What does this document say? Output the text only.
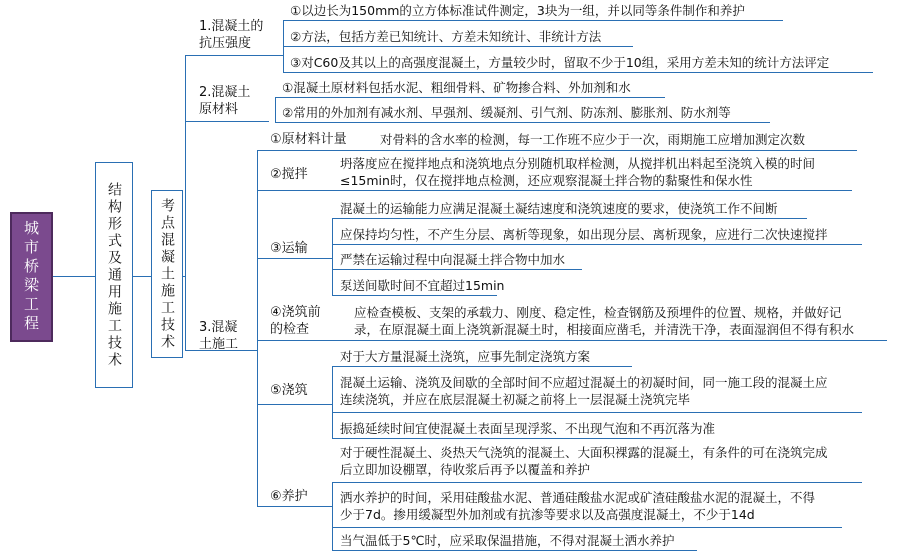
城市桥梁工程	结构形式及通用施工技术	考点混凝土施工技术
1.混凝土的
抗压强度
2.混凝土
原材料
3.混凝
土施工
①以边长为150mm的立方体标准试件测定，3块为一组，并以同等条件制作和养护
②方法，包括方差已知统计、方差未知统计、非统计方法
③对C60及其以上的高强度混凝土，方量较少时，留取不少于10组，采用方差未知的统计方法评定
①混凝土原材料包括水泥、粗细骨料、矿物掺合料、外加剂和水
②常用的外加剂有减水剂、早强剂、缓凝剂、引气剂、防冻剂、膨胀剂、防水剂等
①原材料计量
②搅拌
③运输
④浇筑前
的检查
⑤浇筑
⑥养护
对骨料的含水率的检测，每一工作班不应少于一次，雨期施工应增加测定次数
坍落度应在搅拌地点和浇筑地点分别随机取样检测，从搅拌机出料起至浇筑入模的时间
≤15min时，仅在搅拌地点检测，还应观察混凝土拌合物的黏聚性和保水性
混凝土的运输能力应满足混凝土凝结速度和浇筑速度的要求，使浇筑工作不间断
应保持均匀性，不产生分层、离析等现象，如出现分层、离析现象，应进行二次快速搅拌
严禁在运输过程中向混凝土拌合物中加水
泵送间歇时间不宜超过15min
应检查模板、支架的承载力、刚度、稳定性，检查钢筋及预埋件的位置、规格，并做好记
录，在原混凝土面上浇筑新混凝土时，相接面应凿毛，并清洗干净，表面湿润但不得有积水
对于大方量混凝土浇筑，应事先制定浇筑方案
混凝土运输、浇筑及间歇的全部时间不应超过混凝土的初凝时间，同一施工段的混凝土应
连续浇筑，并应在底层混凝土初凝之前将上一层混凝土浇筑完毕
振捣延续时间宜使混凝土表面呈现浮浆、不出现气泡和不再沉落为准
对于硬性混凝土、炎热天气浇筑的混凝土、大面积裸露的混凝土，有条件的可在浇筑完成
后立即加设棚罩，待收浆后再予以覆盖和养护
洒水养护的时间，采用硅酸盐水泥、普通硅酸盐水泥或矿渣硅酸盐水泥的混凝土，不得
少于7d。掺用缓凝型外加剂或有抗渗等要求以及高强度混凝土，不少于14d
当气温低于5℃时，应采取保温措施，不得对混凝土洒水养护
